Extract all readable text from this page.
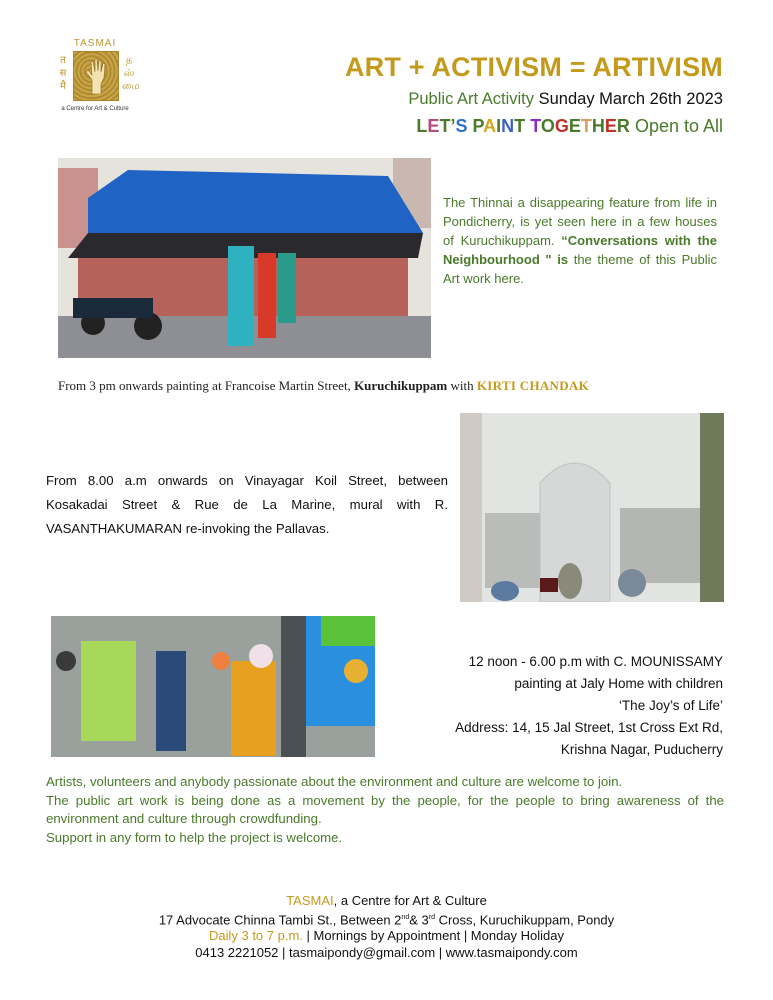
TASMAI
त स मै
த ஸ் மை
a Centre for Art & Culture
ART + ACTIVISM = ARTIVISM
Public Art Activity Sunday March 26th 2023
LET’S PAINT TOGETHER Open to All
The Thinnai a disappearing feature from life in Pondicherry, is yet seen here in a few houses of Kuruchikuppam. “Conversations with the Neighbourhood " is the theme of this Public Art work here.
From 3 pm onwards painting at Francoise Martin Street, Kuruchikuppam with KIRTI CHANDAK
From 8.00 a.m onwards on Vinayagar Koil Street, between Kosakadai Street & Rue de La Marine, mural with R. VASANTHAKUMARAN re-invoking the Pallavas.
12 noon - 6.00 p.m with C. MOUNISSAMY
painting at Jaly Home with children
‘The Joy’s of Life’
Address: 14, 15 Jal Street, 1st Cross Ext Rd,
Krishna Nagar, Puducherry
Artists, volunteers and anybody passionate about the environment and culture are welcome to join.
The public art work is being done as a movement by the people, for the people to bring awareness of the environment and culture through crowdfunding.
Support in any form to help the project is welcome.
TASMAI, a Centre for Art & Culture
17 Advocate Chinna Tambi St., Between 2nd& 3rd Cross, Kuruchikuppam, Pondy
Daily 3 to 7 p.m. | Mornings by Appointment | Monday Holiday
0413 2221052 | tasmaipondy@gmail.com | www.tasmaipondy.com
